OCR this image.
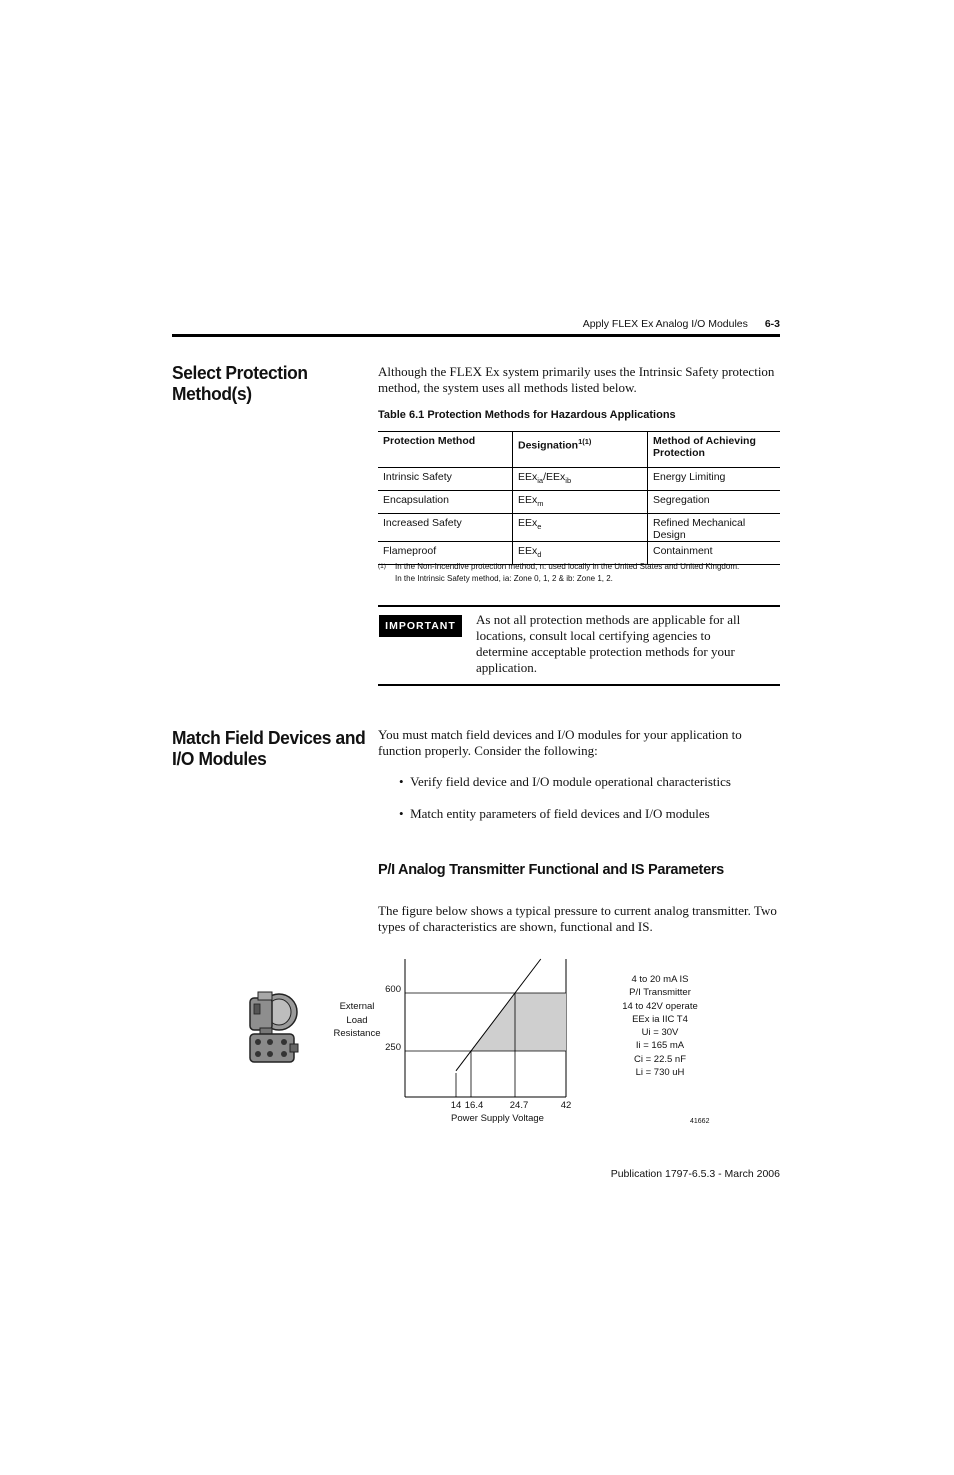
Apply FLEX Ex Analog I/O Modules 6-3
Select Protection
Method(s)
Although the FLEX Ex system primarily uses the Intrinsic Safety protection
method, the system uses all methods listed below.
Table 6.1 Protection Methods for Hazardous Applications
Protection Method	Designation$^{1(1)}$	Method of Achieving
Protection

Intrinsic Safety	EEx$_{ia}$/EEx$_{ib}$	Energy Limiting
Encapsulation	EEx$_m$	Segregation
Increased Safety	EEx$_e$	Refined Mechanical Design
Flameproof	EEx$_d$	Containment
(1) In the Non-Incendive protection method, n: used locally in the United States and United Kingdom.
In the Intrinsic Safety method, ia: Zone 0, 1, 2 & ib: Zone 1, 2.
IMPORTANT	As not all protection methods are applicable for all
locations, consult local certifying agencies to
determine acceptable protection methods for your
application.
Match Field Devices and
I/O Modules
You must match field devices and I/O modules for your application to
function properly. Consider the following:
•  Verify field device and I/O module operational characteristics
•  Match entity parameters of field devices and I/O modules
P/I Analog Transmitter Functional and IS Parameters
The figure below shows a typical pressure to current analog transmitter. Two
types of characteristics are shown, functional and IS.
External
Load
Resistance
600
250
14 16.4	24.7	42
Power Supply Voltage
4 to 20 mA IS
P/I Transmitter
14 to 42V operate
EEx ia IIC T4
Ui = 30V
Ii = 165 mA
Ci = 22.5 nF
Li = 730 uH
41662
Publication 1797-6.5.3 - March 2006
